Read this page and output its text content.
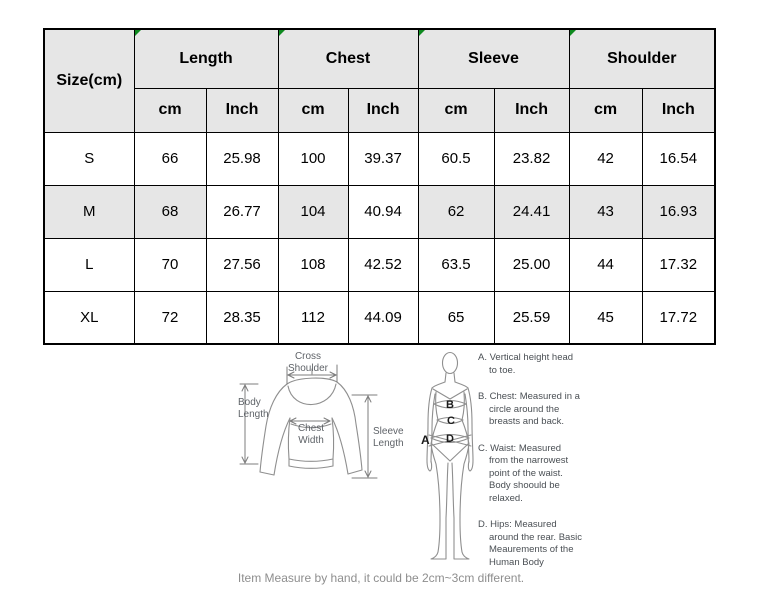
Size(cm)	Length		Chest		Sleeve		Shoulder	
	cm	Inch	cm	Inch	cm	Inch	cm	Inch
S	66	25.98	100	39.37	60.5	23.82	42	16.54
M	68	26.77	104	40.94	62	24.41	43	16.93
L	70	27.56	108	42.52	63.5	25.00	44	17.32
XL	72	28.35	112	44.09	65	25.59	45	17.72
Cross Shoulder
Body Length
Chest Width
Sleeve Length	A
B
C
D
A. Vertical height head to toe.
B. Chest: Measured in a circle around the breasts and back.
C. Waist: Measured from the narrowest point of the waist. Body shoould be relaxed.
D. Hips: Measured around the rear. Basic Meaurements of the Human Body
Item Measure by hand, it could be 2cm~3cm different.
